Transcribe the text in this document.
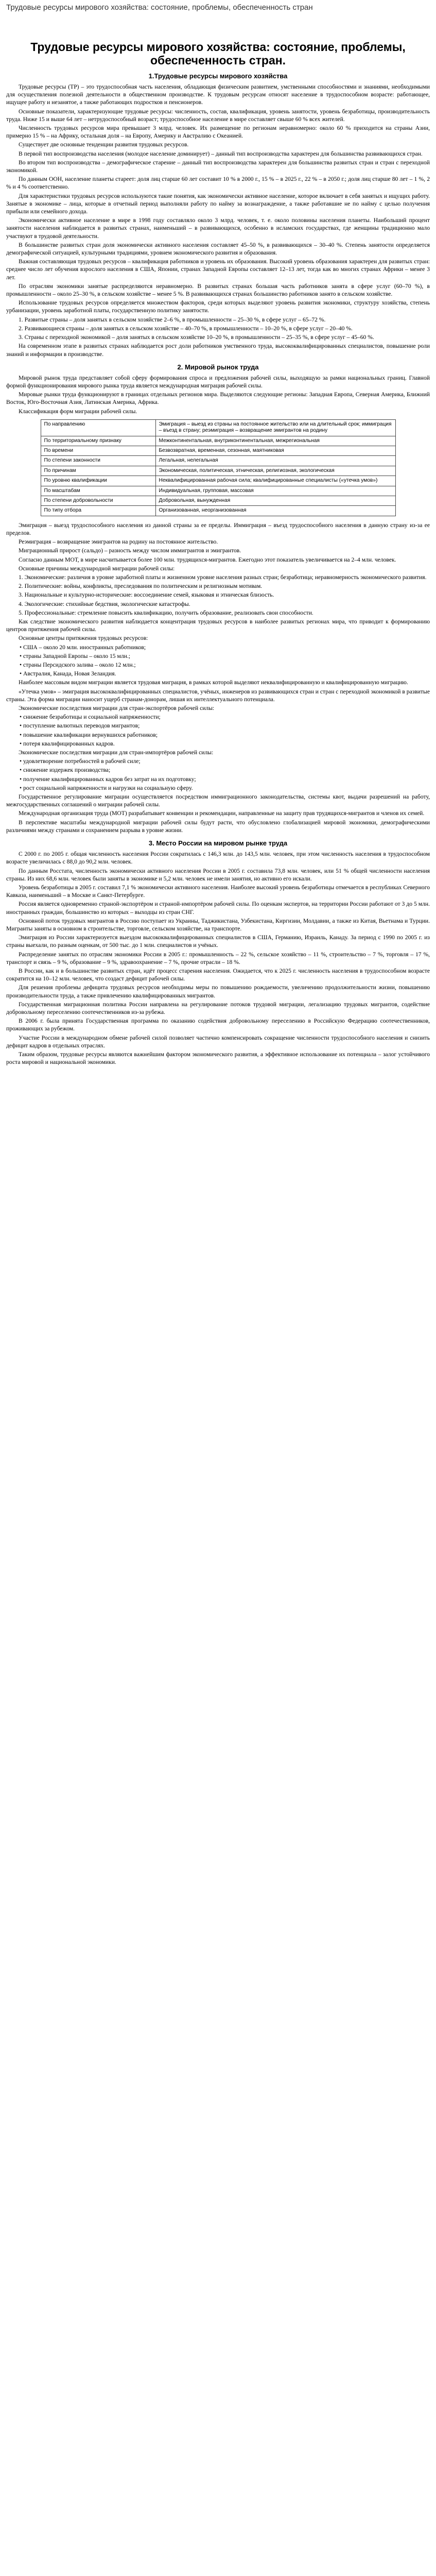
Трудовые ресурсы мирового хозяйства: состояние, проблемы, обеспеченность стран
Трудовые ресурсы мирового хозяйства: состояние, проблемы, обеспеченность стран.
1.Трудовые ресурсы мирового хозяйства

Трудовые ресурсы (ТР) – это трудоспособная часть населения, обладающая физическим развитием, умственными способностями и знаниями, необходимыми для осуществления полезной деятельности в общественном производстве. К трудовым ресурсам относят население в трудоспособном возрасте: работающее, ищущее работу и незанятое, а также работающих подростков и пенсионеров.

Основные показатели, характеризующие трудовые ресурсы: численность, состав, квалификация, уровень занятости, уровень безработицы, производительность труда. Ниже 15 и выше 64 лет – нетрудоспособный возраст; трудоспособное население в мире составляет свыше 60 % всех жителей.

Численность трудовых ресурсов мира превышает 3 млрд. человек. Их размещение по регионам неравномерно: около 60 % приходится на страны Азии, примерно 15 % – на Африку, остальная доля – на Европу, Америку и Австралию с Океанией.

Существует две основные тенденции развития трудовых ресурсов.

В первой тип воспроизводства населения (молодое население доминирует) – данный тип воспроизводства характерен для большинства развивающихся стран.

Во втором тип воспроизводства – демографическое старение – данный тип воспроизводства характерен для большинства развитых стран и стран с переходной экономикой.

По данным ООН, население планеты стареет: доля лиц старше 60 лет составит 10 % в 2000 г., 15 % – в 2025 г., 22 % – в 2050 г.; доля лиц старше 80 лет – 1 %, 2 % и 4 % соответственно.

Для характеристики трудовых ресурсов используются такие понятия, как экономически активное население, которое включает в себя занятых и ищущих работу. Занятые в экономике – лица, которые в отчетный период выполняли работу по найму за вознаграждение, а также работавшие не по найму с целью получения прибыли или семейного дохода.

Экономически активное население в мире в 1998 году составляло около 3 млрд. человек, т. е. около половины населения планеты. Наибольший процент занятости населения наблюдается в развитых странах, наименьший – в развивающихся, особенно в исламских государствах, где женщины традиционно мало участвуют в трудовой деятельности.

В большинстве развитых стран доля экономически активного населения составляет 45–50 %, в развивающихся – 30–40 %. Степень занятости определяется демографической ситуацией, культурными традициями, уровнем экономического развития и образования.

Важная составляющая трудовых ресурсов – квалификация работников и уровень их образования. Высокий уровень образования характерен для развитых стран: среднее число лет обучения взрослого населения в США, Японии, странах Западной Европы составляет 12–13 лет, тогда как во многих странах Африки – менее 3 лет.

По отраслям экономики занятые распределяются неравномерно. В развитых странах большая часть работников занята в сфере услуг (60–70 %), в промышленности – около 25–30 %, в сельском хозяйстве – менее 5 %. В развивающихся странах большинство работников занято в сельском хозяйстве.

Использование трудовых ресурсов определяется множеством факторов, среди которых выделяют уровень развития экономики, структуру хозяйства, степень урбанизации, уровень заработной платы, государственную политику занятости.

1. Развитые страны – доля занятых в сельском хозяйстве 2–6 %, в промышленности – 25–30 %, в сфере услуг – 65–72 %.

2. Развивающиеся страны – доля занятых в сельском хозяйстве – 40–70 %, в промышленности – 10–20 %, в сфере услуг – 20–40 %.

3. Страны с переходной экономикой – доля занятых в сельском хозяйстве 10–20 %, в промышленности – 25–35 %, в сфере услуг – 45–60 %.

На современном этапе в развитых странах наблюдается рост доли работников умственного труда, высококвалифицированных специалистов, повышение роли знаний и информации в производстве.

2. Мировой рынок труда

Мировой рынок труда представляет собой сферу формирования спроса и предложения рабочей силы, выходящую за рамки национальных границ. Главной формой функционирования мирового рынка труда является международная миграция рабочей силы.

Мировые рынки труда функционируют в границах отдельных регионов мира. Выделяются следующие регионы: Западная Европа, Северная Америка, Ближний Восток, Юго-Восточная Азия, Латинская Америка, Африка.

Классификация форм миграции рабочей силы.

По направлению	Эмиграция – выезд из страны на постоянное жительство или на длительный срок; иммиграция – въезд в страну; реэмиграция – возвращение эмигрантов на родину
По территориальному признаку	Межконтинентальная, внутриконтинентальная, межрегиональная
По времени	Безвозвратная, временная, сезонная, маятниковая
По степени законности	Легальная, нелегальная
По причинам	Экономическая, политическая, этническая, религиозная, экологическая
По уровню квалификации	Неквалифицированная рабочая сила; квалифицированные специалисты («утечка умов»)
По масштабам	Индивидуальная, групповая, массовая
По степени добровольности	Добровольная, вынужденная
По типу отбора	Организованная, неорганизованная

Эмиграция – выезд трудоспособного населения из данной страны за ее пределы. Иммиграция – въезд трудоспособного населения в данную страну из-за ее пределов.

Реэмиграция – возвращение эмигрантов на родину на постоянное жительство.

Миграционный прирост (сальдо) – разность между числом иммигрантов и эмигрантов.

Согласно данным МОТ, в мире насчитывается более 100 млн. трудящихся-мигрантов. Ежегодно этот показатель увеличивается на 2–4 млн. человек.

Основные причины международной миграции рабочей силы:

1. Экономические: различия в уровне заработной платы и жизненном уровне населения разных стран; безработица; неравномерность экономического развития.

2. Политические: войны, конфликты, преследования по политическим и религиозным мотивам.

3. Национальные и культурно-исторические: воссоединение семей, языковая и этническая близость.

4. Экологические: стихийные бедствия, экологические катастрофы.

5. Профессиональные: стремление повысить квалификацию, получить образование, реализовать свои способности.

Как следствие экономического развития наблюдается концентрация трудовых ресурсов в наиболее развитых регионах мира, что приводит к формированию центров притяжения рабочей силы.

Основные центры притяжения трудовых ресурсов:

• США – около 20 млн. иностранных работников;

• страны Западной Европы – около 15 млн.;

• страны Персидского залива – около 12 млн.;

• Австралия, Канада, Новая Зеландия.

Наиболее массовым видом миграции является трудовая миграция, в рамках которой выделяют неквалифицированную и квалифицированную миграцию.

«Утечка умов» – эмиграция высококвалифицированных специалистов, учёных, инженеров из развивающихся стран и стран с переходной экономикой в развитые страны. Эта форма миграции наносит ущерб странам-донорам, лишая их интеллектуального потенциала.

Экономические последствия миграции для стран-экспортёров рабочей силы:

• снижение безработицы и социальной напряженности;

• поступление валютных переводов мигрантов;

• повышение квалификации вернувшихся работников;

• потеря квалифицированных кадров.

Экономические последствия миграции для стран-импортёров рабочей силы:

• удовлетворение потребностей в рабочей силе;

• снижение издержек производства;

• получение квалифицированных кадров без затрат на их подготовку;

• рост социальной напряженности и нагрузки на социальную сферу.

Государственное регулирование миграции осуществляется посредством иммиграционного законодательства, системы квот, выдачи разрешений на работу, межгосударственных соглашений о миграции рабочей силы.

Международная организация труда (МОТ) разрабатывает конвенции и рекомендации, направленные на защиту прав трудящихся-мигрантов и членов их семей.

В перспективе масштабы международной миграции рабочей силы будут расти, что обусловлено глобализацией мировой экономики, демографическими различиями между странами и сохранением разрыва в уровне жизни.

3. Место России на мировом рынке труда

С 2000 г. по 2005 г. общая численность населения России сократилась с 146,3 млн. до 143,5 млн. человек, при этом численность населения в трудоспособном возрасте увеличилась с 88,0 до 90,2 млн. человек.

По данным Росстата, численность экономически активного населения России в 2005 г. составила 73,8 млн. человек, или 51 % общей численности населения страны. Из них 68,6 млн. человек были заняты в экономике и 5,2 млн. человек не имели занятия, но активно его искали.

Уровень безработицы в 2005 г. составил 7,1 % экономически активного населения. Наиболее высокий уровень безработицы отмечается в республиках Северного Кавказа, наименьший – в Москве и Санкт-Петербурге.

Россия является одновременно страной-экспортёром и страной-импортёром рабочей силы. По оценкам экспертов, на территории России работают от 3 до 5 млн. иностранных граждан, большинство из которых – выходцы из стран СНГ.

Основной поток трудовых мигрантов в Россию поступает из Украины, Таджикистана, Узбекистана, Киргизии, Молдавии, а также из Китая, Вьетнама и Турции. Мигранты заняты в основном в строительстве, торговле, сельском хозяйстве, на транспорте.

Эмиграция из России характеризуется выездом высококвалифицированных специалистов в США, Германию, Израиль, Канаду. За период с 1990 по 2005 г. из страны выехали, по разным оценкам, от 500 тыс. до 1 млн. специалистов и учёных.

Распределение занятых по отраслям экономики России в 2005 г.: промышленность – 22 %, сельское хозяйство – 11 %, строительство – 7 %, торговля – 17 %, транспорт и связь – 9 %, образование – 9 %, здравоохранение – 7 %, прочие отрасли – 18 %.

В России, как и в большинстве развитых стран, идёт процесс старения населения. Ожидается, что к 2025 г. численность населения в трудоспособном возрасте сократится на 10–12 млн. человек, что создаст дефицит рабочей силы.

Для решения проблемы дефицита трудовых ресурсов необходимы меры по повышению рождаемости, увеличению продолжительности жизни, повышению производительности труда, а также привлечению квалифицированных мигрантов.

Государственная миграционная политика России направлена на регулирование потоков трудовой миграции, легализацию трудовых мигрантов, содействие добровольному переселению соотечественников из-за рубежа.

В 2006 г. была принята Государственная программа по оказанию содействия добровольному переселению в Российскую Федерацию соотечественников, проживающих за рубежом.

Участие России в международном обмене рабочей силой позволяет частично компенсировать сокращение численности трудоспособного населения и снизить дефицит кадров в отдельных отраслях.

Таким образом, трудовые ресурсы являются важнейшим фактором экономического развития, а эффективное использование их потенциала – залог устойчивого роста мировой и национальной экономики.
